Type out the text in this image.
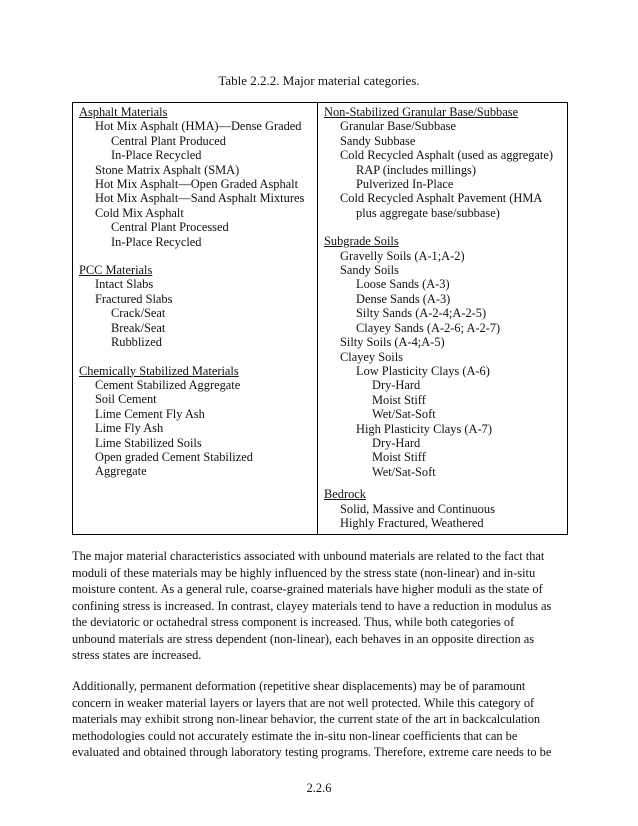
Table 2.2.2. Major material categories.
Asphalt Materials
Hot Mix Asphalt (HMA)—Dense Graded
Central Plant Produced
In-Place Recycled
Stone Matrix Asphalt (SMA)
Hot Mix Asphalt—Open Graded Asphalt
Hot Mix Asphalt—Sand Asphalt Mixtures
Cold Mix Asphalt
Central Plant Processed
In-Place Recycled
PCC Materials
Intact Slabs
Fractured Slabs
Crack/Seat
Break/Seat
Rubblized
Chemically Stabilized Materials
Cement Stabilized Aggregate
Soil Cement
Lime Cement Fly Ash
Lime Fly Ash
Lime Stabilized Soils
Open graded Cement Stabilized
Aggregate

Non-Stabilized Granular Base/Subbase
Granular Base/Subbase
Sandy Subbase
Cold Recycled Asphalt (used as aggregate)
RAP (includes millings)
Pulverized In-Place
Cold Recycled Asphalt Pavement (HMA
plus aggregate base/subbase)
Subgrade Soils
Gravelly Soils (A-1;A-2)
Sandy Soils
Loose Sands (A-3)
Dense Sands (A-3)
Silty Sands (A-2-4;A-2-5)
Clayey Sands (A-2-6; A-2-7)
Silty Soils (A-4;A-5)
Clayey Soils
Low Plasticity Clays (A-6)
Dry-Hard
Moist Stiff
Wet/Sat-Soft
High Plasticity Clays (A-7)
Dry-Hard
Moist Stiff
Wet/Sat-Soft
Bedrock
Solid, Massive and Continuous
Highly Fractured, Weathered
The major material characteristics associated with unbound materials are related to the fact that
moduli of these materials may be highly influenced by the stress state (non-linear) and in-situ
moisture content. As a general rule, coarse-grained materials have higher moduli as the state of
confining stress is increased. In contrast, clayey materials tend to have a reduction in modulus as
the deviatoric or octahedral stress component is increased. Thus, while both categories of
unbound materials are stress dependent (non-linear), each behaves in an opposite direction as
stress states are increased.
Additionally, permanent deformation (repetitive shear displacements) may be of paramount
concern in weaker material layers or layers that are not well protected. While this category of
materials may exhibit strong non-linear behavior, the current state of the art in backcalculation
methodologies could not accurately estimate the in-situ non-linear coefficients that can be
evaluated and obtained through laboratory testing programs. Therefore, extreme care needs to be
2.2.6
